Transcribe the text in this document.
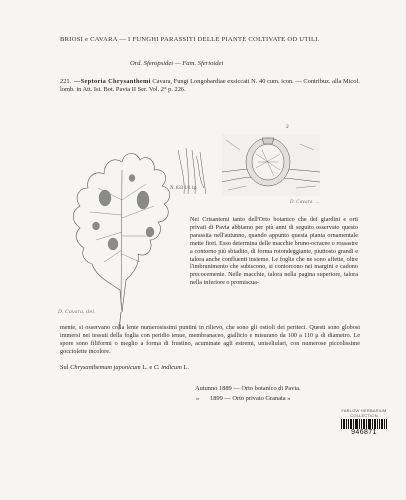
BRIOSI e CAVARA — I FUNGHI PARASSITI DELLE PIANTE COLTIVATE OD UTILI.
Ord. Sferopsidei — Fam. Sferioidei
221. —Septoria Chrysanthemi Cavara, Fungi Longobardiae exsiccati N. 40 cum. icon. — Contribuz. alla Micol. lomb. in Att. Ist. Bot. Pavia II Ser. Vol. 2° p. 226.
2
N. 633 1/1 l.p
D. Cavara. ...
D. Cavara. del.
Nei Crisantemi tanto dell'Orto botanico che dei giardini e orti privati di Pavia abbiamo per più anni di seguito osservato questo parassita nell'autunno, quando appunto questa pianta ornamentale mette fiori. Esso determina delle macchie bruno-ocracee o rossastre a contorno più sbiadito, di forma rotondeggiante, piuttosto grandi e talora anche confluenti insieme. Le foglie che ne sono affette, oltre l'imbrunimento che subiscono, si contorcono nei margini e cadono precocemente. Nelle macchie, talora nella pagina superiore, talora nella inferiore o promiscua-
mente, si osservano colla lente numerosissimi puntini in rilievo, che sono gli ostioli dei periteci. Questi sono globosi immersi nei tessuti della foglia con peridio tenue, membranaceo, giallicio e misurano da 100 a 110 μ di diametro. Le spore sono filiformi o meglio a forma di frustino, acuminate agli estremi, uniseliulari, con numerose piccolissime gocciolette incolore.
Sul Chrysanthemum japonicum L. e C. indicum L.
Autunno 1889 — Orto botanico di Pavia.
» 1899 — Orto privato Granata »
FARLOW HERBARIUM COLLECTION
946871
